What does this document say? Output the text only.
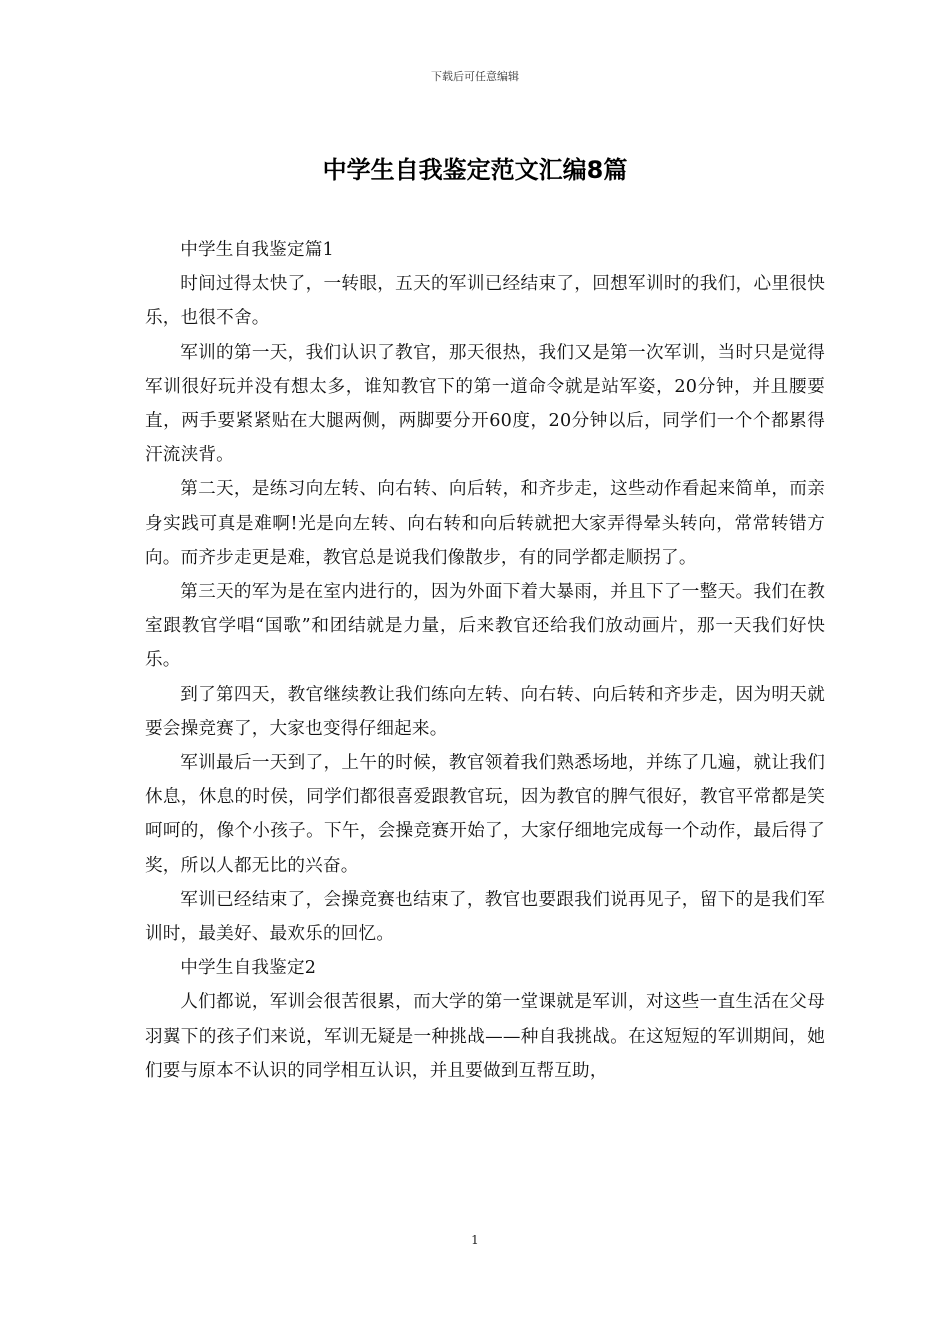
下载后可任意编辑
中学生自我鉴定范文汇编8篇

中学生自我鉴定篇1

时间过得太快了，一转眼，五天的军训已经结束了，回想军训时的我们，心里很快乐，也很不舍。

军训的第一天，我们认识了教官，那天很热，我们又是第一次军训，当时只是觉得军训很好玩并没有想太多，谁知教官下的第一道命令就是站军姿，20分钟，并且腰要直，两手要紧紧贴在大腿两侧，两脚要分开60度，20分钟以后，同学们一个个都累得汗流浃背。

第二天，是练习向左转、向右转、向后转，和齐步走，这些动作看起来简单，而亲身实践可真是难啊!光是向左转、向右转和向后转就把大家弄得晕头转向，常常转错方向。而齐步走更是难，教官总是说我们像散步，有的同学都走顺拐了。

第三天的军为是在室内进行的，因为外面下着大暴雨，并且下了一整天。我们在教室跟教官学唱“国歌”和团结就是力量，后来教官还给我们放动画片，那一天我们好快乐。

到了第四天，教官继续教让我们练向左转、向右转、向后转和齐步走，因为明天就要会操竞赛了，大家也变得仔细起来。

军训最后一天到了，上午的时候，教官领着我们熟悉场地，并练了几遍，就让我们休息，休息的时侯，同学们都很喜爱跟教官玩，因为教官的脾气很好，教官平常都是笑呵呵的，像个小孩子。下午，会操竞赛开始了，大家仔细地完成每一个动作，最后得了奖，所以人都无比的兴奋。

军训已经结束了，会操竞赛也结束了，教官也要跟我们说再见子，留下的是我们军训时，最美好、最欢乐的回忆。

中学生自我鉴定2

人们都说，军训会很苦很累，而大学的第一堂课就是军训，对这些一直生活在父母羽翼下的孩子们来说，军训无疑是一种挑战——种自我挑战。在这短短的军训期间，她们要与原本不认识的同学相互认识，并且要做到互帮互助，

1
